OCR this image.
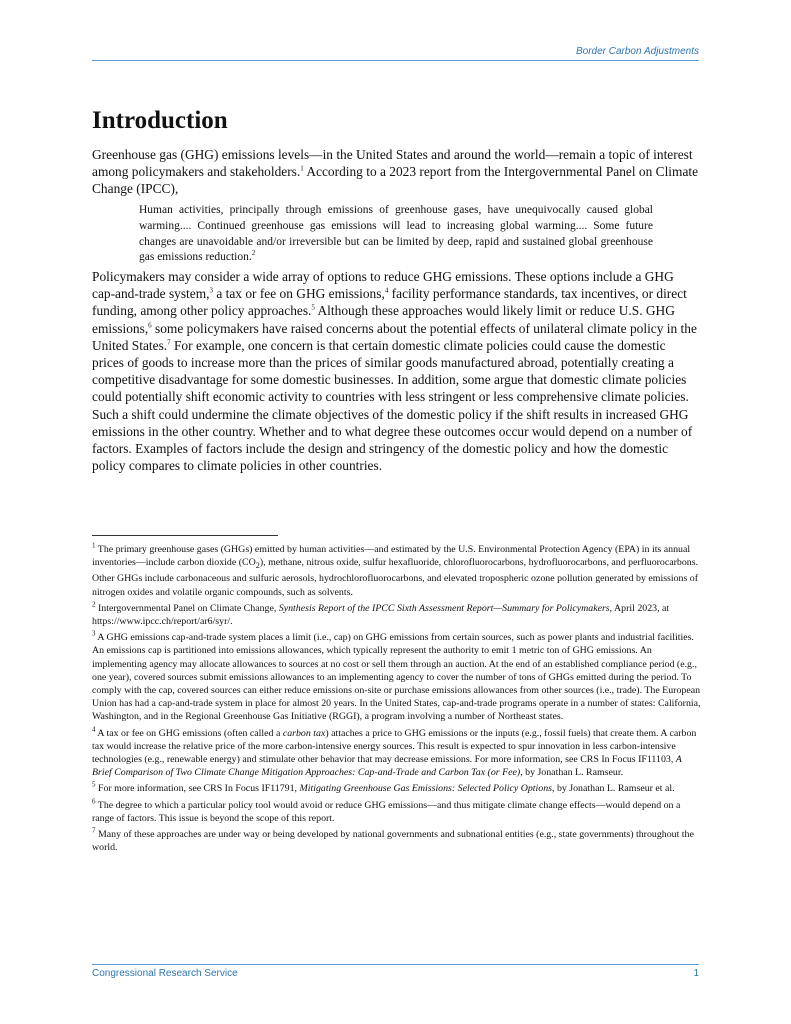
Border Carbon Adjustments
Introduction

Greenhouse gas (GHG) emissions levels—in the United States and around the world—remain a topic of interest among policymakers and stakeholders.$^1$ According to a 2023 report from the Intergovernmental Panel on Climate Change (IPCC),

Human activities, principally through emissions of greenhouse gases, have unequivocally caused global warming.... Continued greenhouse gas emissions will lead to increasing global warming.... Some future changes are unavoidable and/or irreversible but can be limited by deep, rapid and sustained global greenhouse gas emissions reduction.$^2$

Policymakers may consider a wide array of options to reduce GHG emissions. These options include a GHG cap-and-trade system,$^3$ a tax or fee on GHG emissions,$^4$ facility performance standards, tax incentives, or direct funding, among other policy approaches.$^5$ Although these approaches would likely limit or reduce U.S. GHG emissions,$^6$ some policymakers have raised concerns about the potential effects of unilateral climate policy in the United States.$^7$ For example, one concern is that certain domestic climate policies could cause the domestic prices of goods to increase more than the prices of similar goods manufactured abroad, potentially creating a competitive disadvantage for some domestic businesses. In addition, some argue that domestic climate policies could potentially shift economic activity to countries with less stringent or less comprehensive climate policies. Such a shift could undermine the climate objectives of the domestic policy if the shift results in increased GHG emissions in the other country. Whether and to what degree these outcomes occur would depend on a number of factors. Examples of factors include the design and stringency of the domestic policy and how the domestic policy compares to climate policies in other countries.

$^1$ The primary greenhouse gases (GHGs) emitted by human activities—and estimated by the U.S. Environmental Protection Agency (EPA) in its annual inventories—include carbon dioxide $(CO_2)$, methane, nitrous oxide, sulfur hexafluoride, chlorofluorocarbons, hydrofluorocarbons, and perfluorocarbons. Other GHGs include carbonaceous and sulfuric aerosols, hydrochlorofluorocarbons, and elevated tropospheric ozone pollution generated by emissions of nitrogen oxides and volatile organic compounds, such as solvents.

$^2$ Intergovernmental Panel on Climate Change, Synthesis Report of the IPCC Sixth Assessment Report—Summary for Policymakers, April 2023, at https://www.ipcc.ch/report/ar6/syr/.

$^3$ A GHG emissions cap-and-trade system places a limit (i.e., cap) on GHG emissions from certain sources, such as power plants and industrial facilities. An emissions cap is partitioned into emissions allowances, which typically represent the authority to emit 1 metric ton of GHG emissions. An implementing agency may allocate allowances to sources at no cost or sell them through an auction. At the end of an established compliance period (e.g., one year), covered sources submit emissions allowances to an implementing agency to cover the number of tons of GHGs emitted during the period. To comply with the cap, covered sources can either reduce emissions on-site or purchase emissions allowances from other sources (i.e., trade). The European Union has had a cap-and-trade system in place for almost 20 years. In the United States, cap-and-trade programs operate in a number of states: California, Washington, and in the Regional Greenhouse Gas Initiative (RGGI), a program involving a number of Northeast states.

$^4$ A tax or fee on GHG emissions (often called a carbon tax) attaches a price to GHG emissions or the inputs (e.g., fossil fuels) that create them. A carbon tax would increase the relative price of the more carbon-intensive energy sources. This result is expected to spur innovation in less carbon-intensive technologies (e.g., renewable energy) and stimulate other behavior that may decrease emissions. For more information, see CRS In Focus IF11103, A Brief Comparison of Two Climate Change Mitigation Approaches: Cap-and-Trade and Carbon Tax (or Fee), by Jonathan L. Ramseur.

$^5$ For more information, see CRS In Focus IF11791, Mitigating Greenhouse Gas Emissions: Selected Policy Options, by Jonathan L. Ramseur et al.

$^6$ The degree to which a particular policy tool would avoid or reduce GHG emissions—and thus mitigate climate change effects—would depend on a range of factors. This issue is beyond the scope of this report.

$^7$ Many of these approaches are under way or being developed by national governments and subnational entities (e.g., state governments) throughout the world.

Congressional Research Service	1
